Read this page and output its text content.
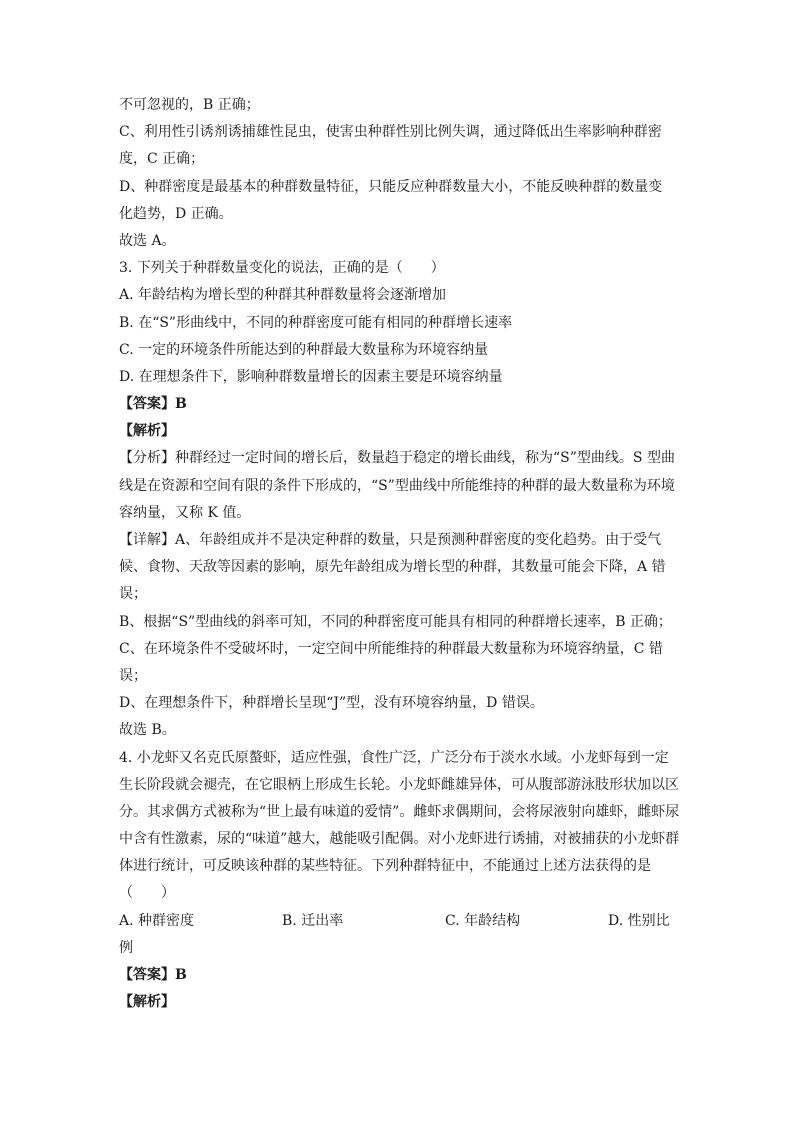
不可忽视的，B 正确；
C、利用性引诱剂诱捕雄性昆虫，使害虫种群性别比例失调，通过降低出生率影响种群密
度，C 正确；
D、种群密度是最基本的种群数量特征，只能反应种群数量大小，不能反映种群的数量变
化趋势，D 正确。
故选 A。
3. 下列关于种群数量变化的说法，正确的是（　　）
A. 年龄结构为增长型的种群其种群数量将会逐渐增加
B. 在“S”形曲线中，不同的种群密度可能有相同的种群增长速率
C. 一定的环境条件所能达到的种群最大数量称为环境容纳量
D. 在理想条件下，影响种群数量增长的因素主要是环境容纳量
【答案】B
【解析】
【分析】种群经过一定时间的增长后，数量趋于稳定的增长曲线，称为“S”型曲线。S 型曲
线是在资源和空间有限的条件下形成的，“S”型曲线中所能维持的种群的最大数量称为环境
容纳量，又称 K 值。
【详解】A、年龄组成并不是决定种群的数量，只是预测种群密度的变化趋势。由于受气
候、食物、天敌等因素的影响，原先年龄组成为增长型的种群，其数量可能会下降，A 错
误；
B、根据“S”型曲线的斜率可知，不同的种群密度可能具有相同的种群增长速率，B 正确；
C、在环境条件不受破坏时，一定空间中所能维持的种群最大数量称为环境容纳量，C 错
误；
D、在理想条件下，种群增长呈现“J”型，没有环境容纳量，D 错误。
故选 B。
4. 小龙虾又名克氏原螯虾，适应性强，食性广泛，广泛分布于淡水水域。小龙虾每到一定
生长阶段就会褪壳，在它眼柄上形成生长轮。小龙虾雌雄异体，可从腹部游泳肢形状加以区
分。其求偶方式被称为“世上最有味道的爱情”。雌虾求偶期间，会将尿液射向雄虾，雌虾尿
中含有性激素，尿的“味道”越大，越能吸引配偶。对小龙虾进行诱捕，对被捕获的小龙虾群
体进行统计，可反映该种群的某些特征。下列种群特征中，不能通过上述方法获得的是
（　　）
A. 种群密度	B. 迁出率	C. 年龄结构	D. 性别比
例
【答案】B
【解析】
